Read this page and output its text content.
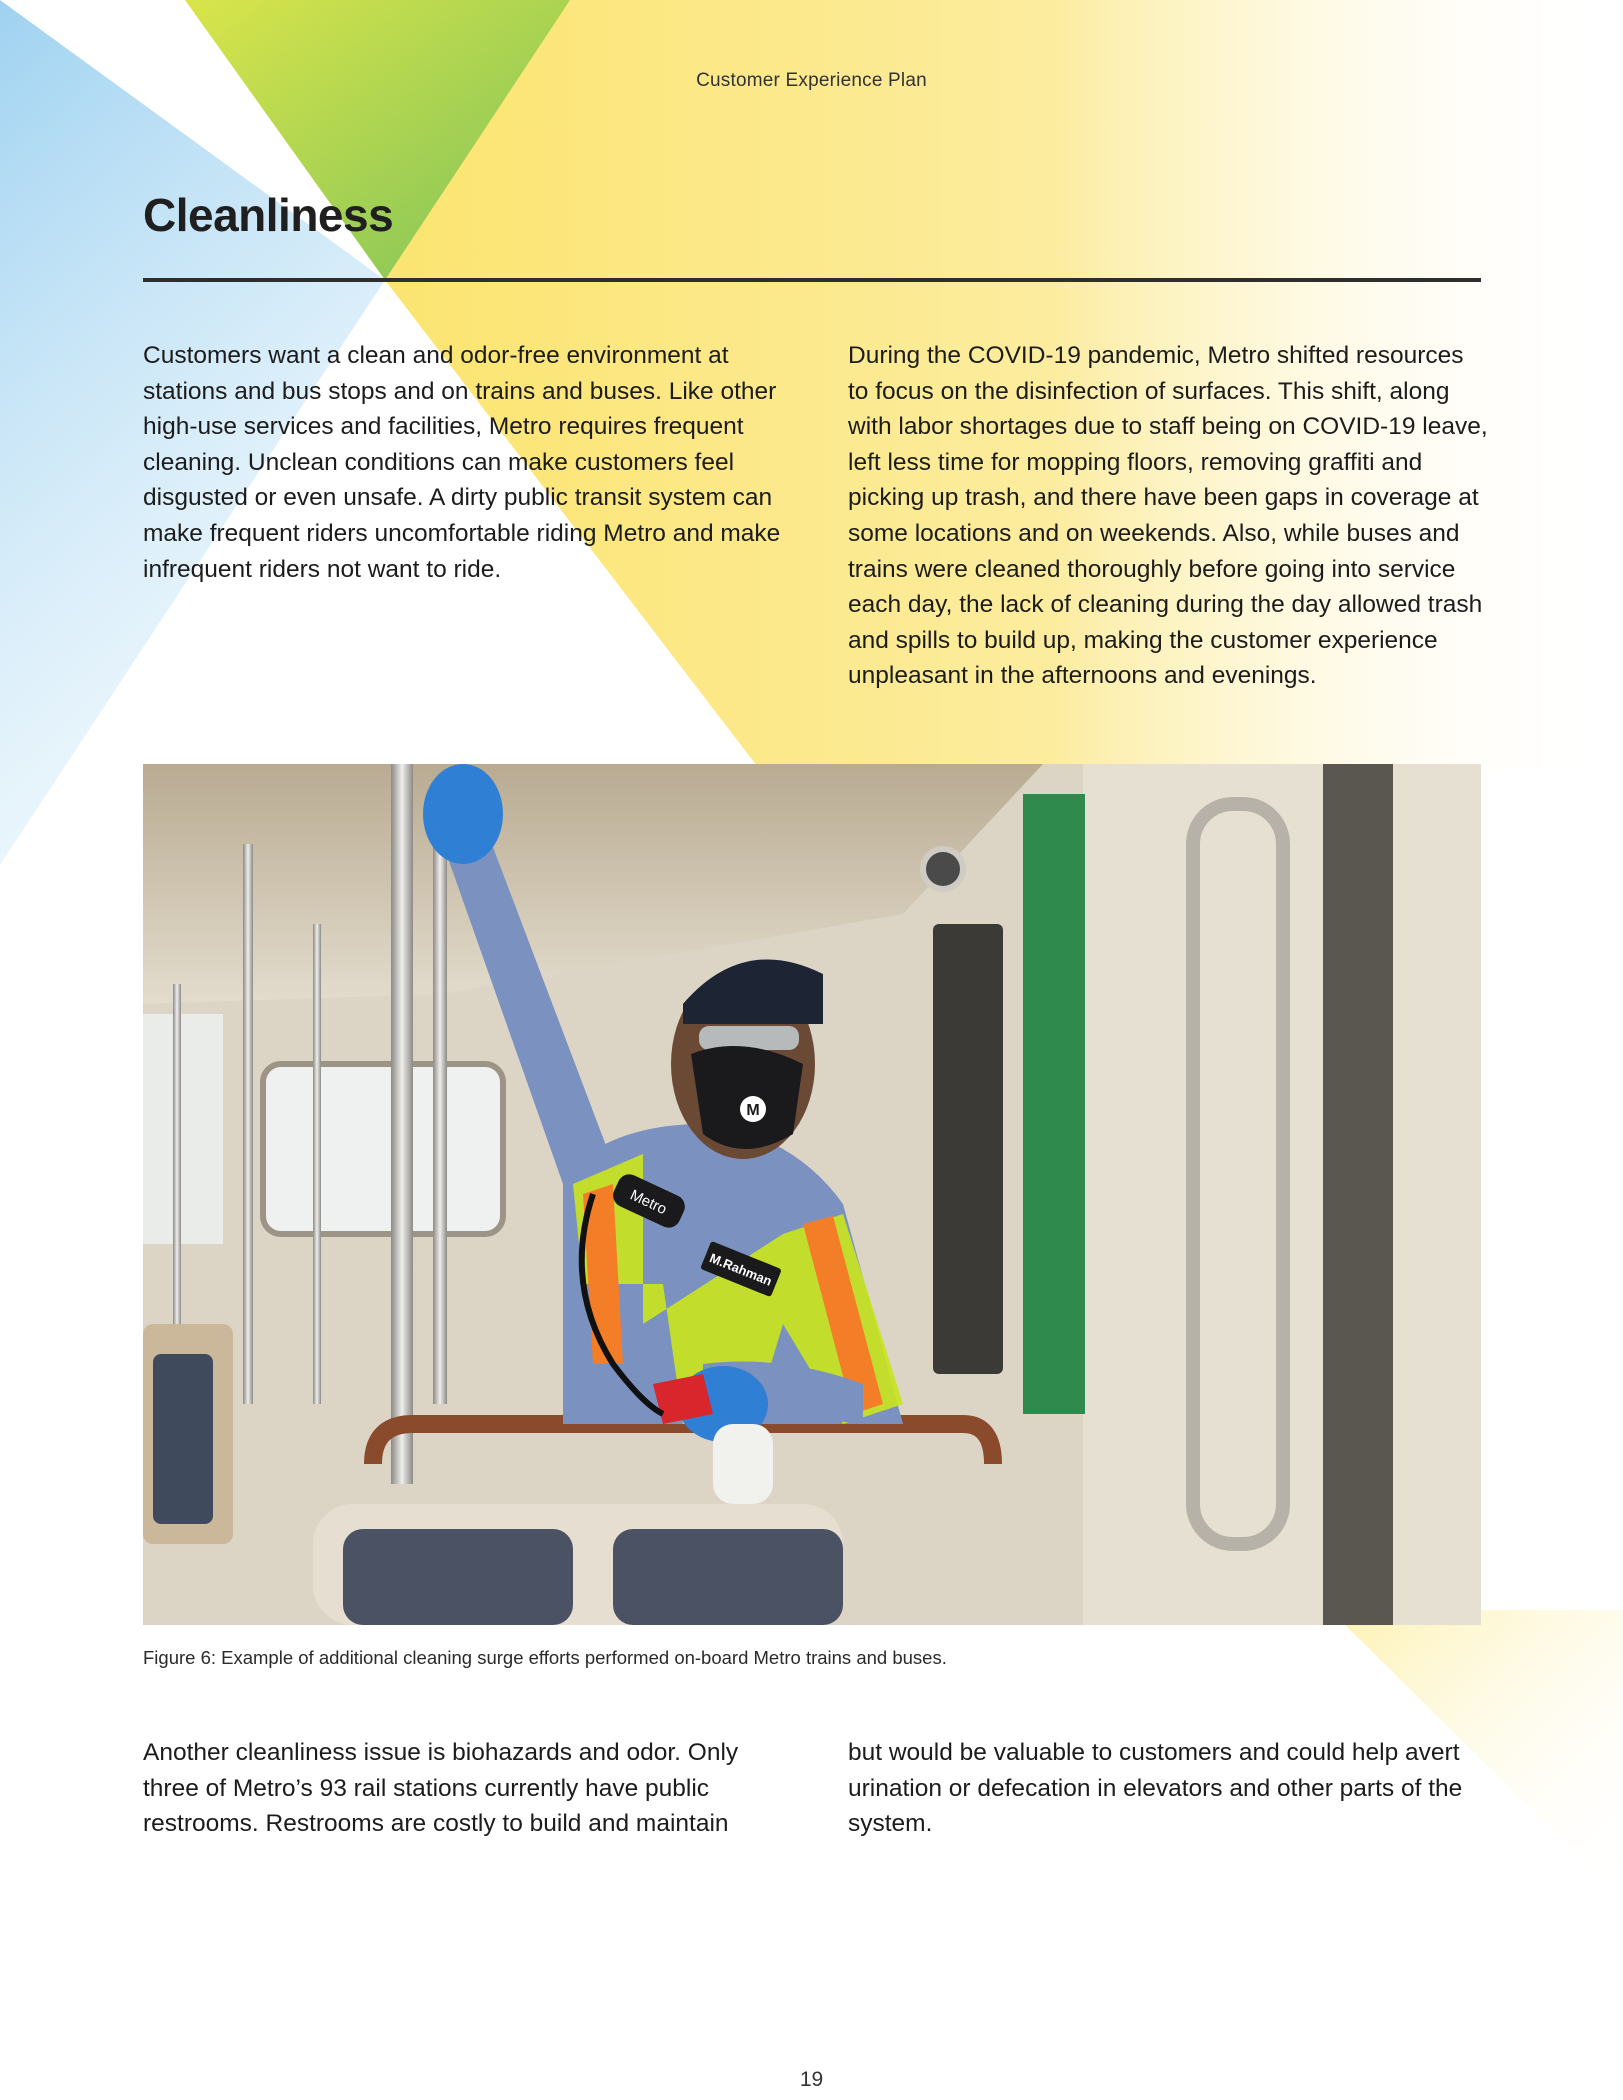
Customer Experience Plan
Cleanliness

Customers want a clean and odor-free environment at stations and bus stops and on trains and buses. Like other high-use services and facilities, Metro requires frequent cleaning. Unclean conditions can make customers feel disgusted or even unsafe. A dirty public transit system can make frequent riders uncomfortable riding Metro and make infrequent riders not want to ride.

During the COVID-19 pandemic, Metro shifted resources to focus on the disinfection of surfaces. This shift, along with labor shortages due to staff being on COVID-19 leave, left less time for mopping floors, removing graffiti and picking up trash, and there have been gaps in coverage at some locations and on weekends. Also, while buses and trains were cleaned thoroughly before going into service each day, the lack of cleaning during the day allowed trash and spills to build up, making the customer experience unpleasant in the afternoons and evenings.

M
Metro
M.Rahman

Figure 6: Example of additional cleaning surge efforts performed on-board Metro trains and buses.

Another cleanliness issue is biohazards and odor. Only three of Metro’s 93 rail stations currently have public restrooms. Restrooms are costly to build and maintain

but would be valuable to customers and could help avert urination or defecation in elevators and other parts of the system.

19
